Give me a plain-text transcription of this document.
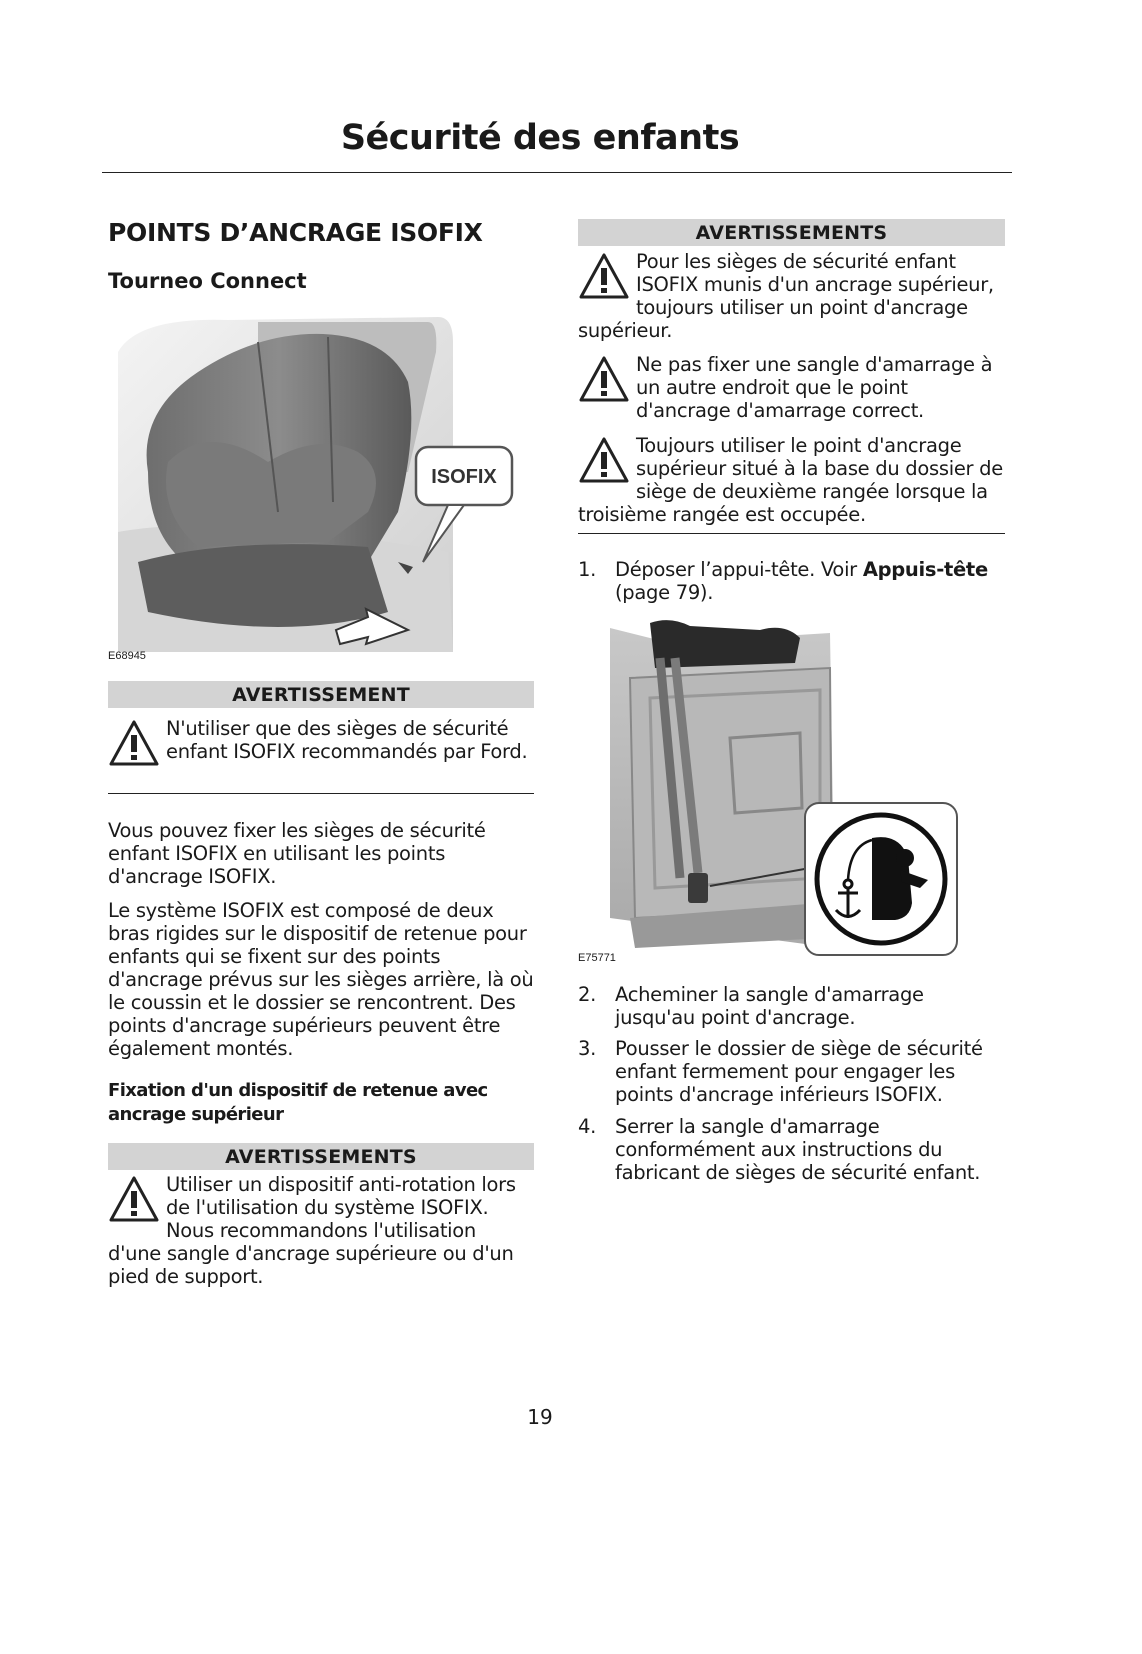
Sécurité des enfants
POINTS D’ANCRAGE ISOFIX
Tourneo Connect
ISOFIX
E68945
AVERTISSEMENT
N'utiliser que des sièges de sécurité enfant ISOFIX recommandés par Ford.
Vous pouvez fixer les sièges de sécurité enfant ISOFIX en utilisant les points d'ancrage ISOFIX.
Le système ISOFIX est composé de deux bras rigides sur le dispositif de retenue pour enfants qui se fixent sur des points d'ancrage prévus sur les sièges arrière, là où le coussin et le dossier se rencontrent. Des points d'ancrage supérieurs peuvent être également montés.
Fixation d'un dispositif de retenue avec ancrage supérieur
AVERTISSEMENTS
Utiliser un dispositif anti-rotation lors de l'utilisation du système ISOFIX. Nous recommandons l'utilisation d'une sangle d'ancrage supérieure ou d'un pied de support.
AVERTISSEMENTS
Pour les sièges de sécurité enfant ISOFIX munis d'un ancrage supérieur, toujours utiliser un point d'ancrage supérieur.
Ne pas fixer une sangle d'amarrage à un autre endroit que le point d'ancrage d'amarrage correct.
Toujours utiliser le point d'ancrage supérieur situé à la base du dossier de siège de deuxième rangée lorsque la troisième rangée est occupée.
1. Déposer l’appui-tête. Voir Appuis-tête (page 79).
E75771
2. Acheminer la sangle d'amarrage jusqu'au point d'ancrage.
3. Pousser le dossier de siège de sécurité enfant fermement pour engager les points d'ancrage inférieurs ISOFIX.
4. Serrer la sangle d'amarrage conformément aux instructions du fabricant de sièges de sécurité enfant.
19
